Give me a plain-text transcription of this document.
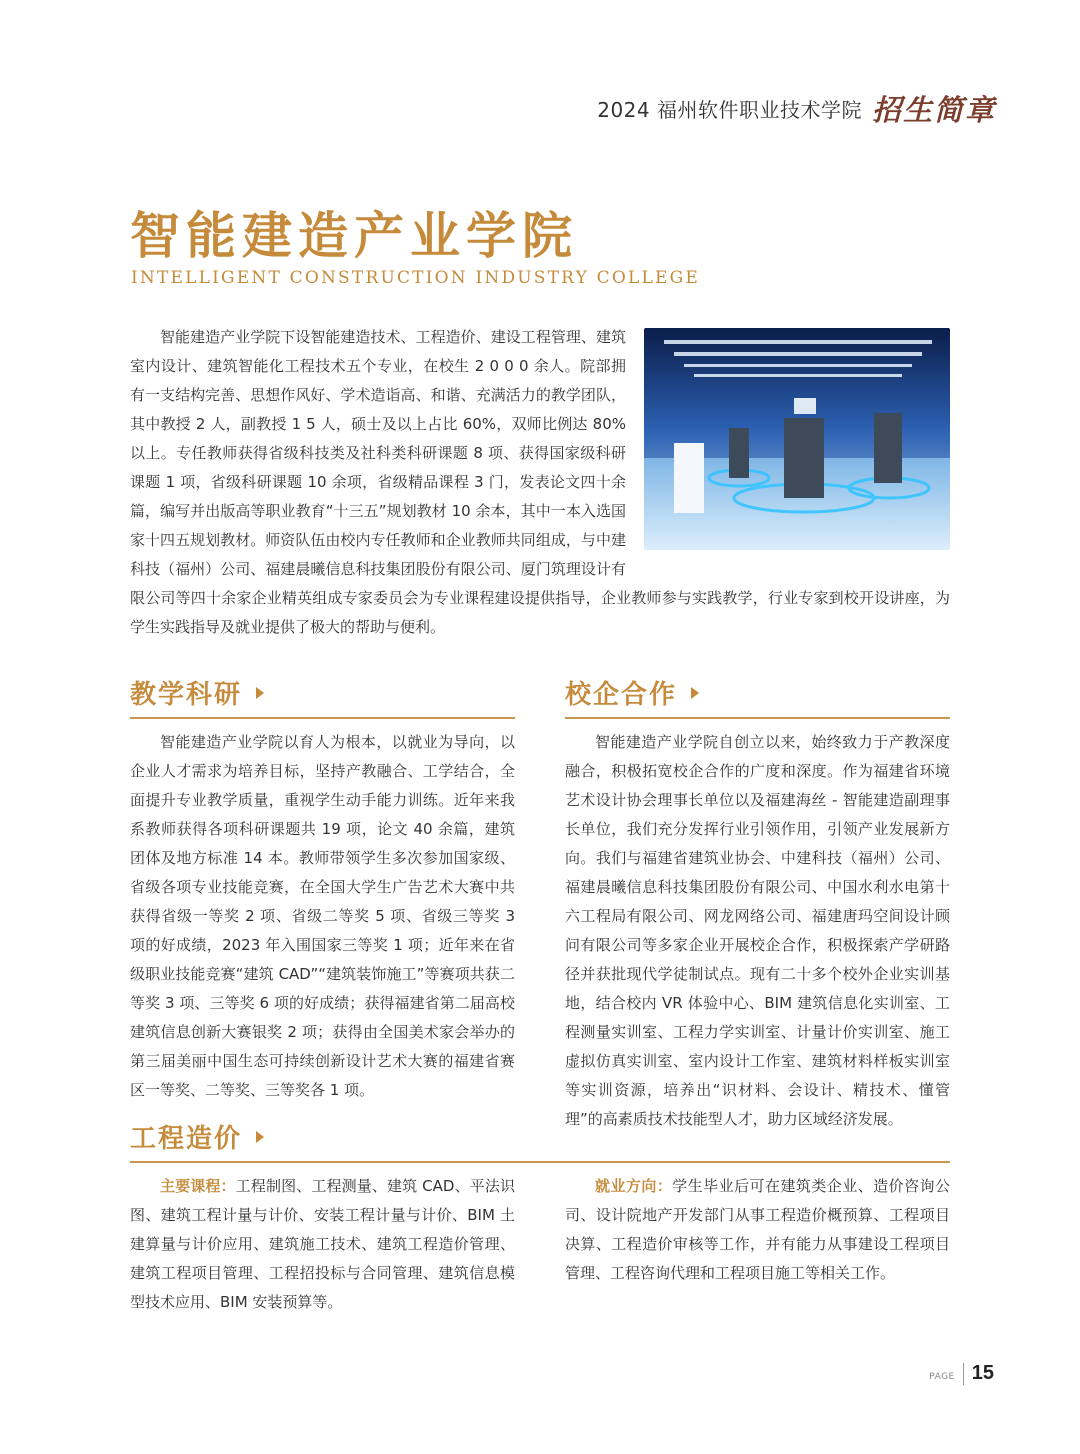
2024 福州软件职业技术学院 招生简章
智能建造产业学院
INTELLIGENT CONSTRUCTION INDUSTRY COLLEGE

智能建造产业学院下设智能建造技术、工程造价、建设工程管理、建筑室内设计、建筑智能化工程技术五个专业，在校生 2 0 0 0 余人。院部拥有一支结构完善、思想作风好、学术造诣高、和谐、充满活力的教学团队，其中教授 2 人，副教授 1 5 人，硕士及以上占比 60%，双师比例达 80%以上。专任教师获得省级科技类及社科类科研课题 8 项、获得国家级科研课题 1 项，省级科研课题 10 余项，省级精品课程 3 门，发表论文四十余篇，编写并出版高等职业教育“十三五”规划教材 10 余本，其中一本入选国家十四五规划教材。师资队伍由校内专任教师和企业教师共同组成，与中建科技（福州）公司、福建晨曦信息科技集团股份有限公司、厦门筑理设计有限公司等四十余家企业精英组成专家委员会为专业课程建设提供指导，企业教师参与实践教学，行业专家到校开设讲座，为学生实践指导及就业提供了极大的帮助与便利。

教学科研

智能建造产业学院以育人为根本，以就业为导向，以企业人才需求为培养目标，坚持产教融合、工学结合，全面提升专业教学质量，重视学生动手能力训练。近年来我系教师获得各项科研课题共 19 项，论文 40 余篇，建筑团体及地方标准 14 本。教师带领学生多次参加国家级、省级各项专业技能竞赛，在全国大学生广告艺术大赛中共获得省级一等奖 2 项、省级二等奖 5 项、省级三等奖 3 项的好成绩，2023 年入围国家三等奖 1 项；近年来在省级职业技能竞赛“建筑 CAD”“建筑装饰施工”等赛项共获二等奖 3 项、三等奖 6 项的好成绩；获得福建省第二届高校建筑信息创新大赛银奖 2 项；获得由全国美术家会举办的第三届美丽中国生态可持续创新设计艺术大赛的福建省赛区一等奖、二等奖、三等奖各 1 项。

校企合作

智能建造产业学院自创立以来，始终致力于产教深度融合，积极拓宽校企合作的广度和深度。作为福建省环境艺术设计协会理事长单位以及福建海丝 - 智能建造副理事长单位，我们充分发挥行业引领作用，引领产业发展新方向。我们与福建省建筑业协会、中建科技（福州）公司、福建晨曦信息科技集团股份有限公司、中国水利水电第十六工程局有限公司、网龙网络公司、福建唐玛空间设计顾问有限公司等多家企业开展校企合作，积极探索产学研路径并获批现代学徒制试点。现有二十多个校外企业实训基地，结合校内 VR 体验中心、BIM 建筑信息化实训室、工程测量实训室、工程力学实训室、计量计价实训室、施工虚拟仿真实训室、室内设计工作室、建筑材料样板实训室等实训资源，培养出“识材料、会设计、精技术、懂管理”的高素质技术技能型人才，助力区域经济发展。

工程造价

主要课程：工程制图、工程测量、建筑 CAD、平法识图、建筑工程计量与计价、安装工程计量与计价、BIM 土建算量与计价应用、建筑施工技术、建筑工程造价管理、建筑工程项目管理、工程招投标与合同管理、建筑信息模型技术应用、BIM 安装预算等。

就业方向：学生毕业后可在建筑类企业、造价咨询公司、设计院地产开发部门从事工程造价概预算、工程项目决算、工程造价审核等工作，并有能力从事建设工程项目管理、工程咨询代理和工程项目施工等相关工作。

PAGE 15
